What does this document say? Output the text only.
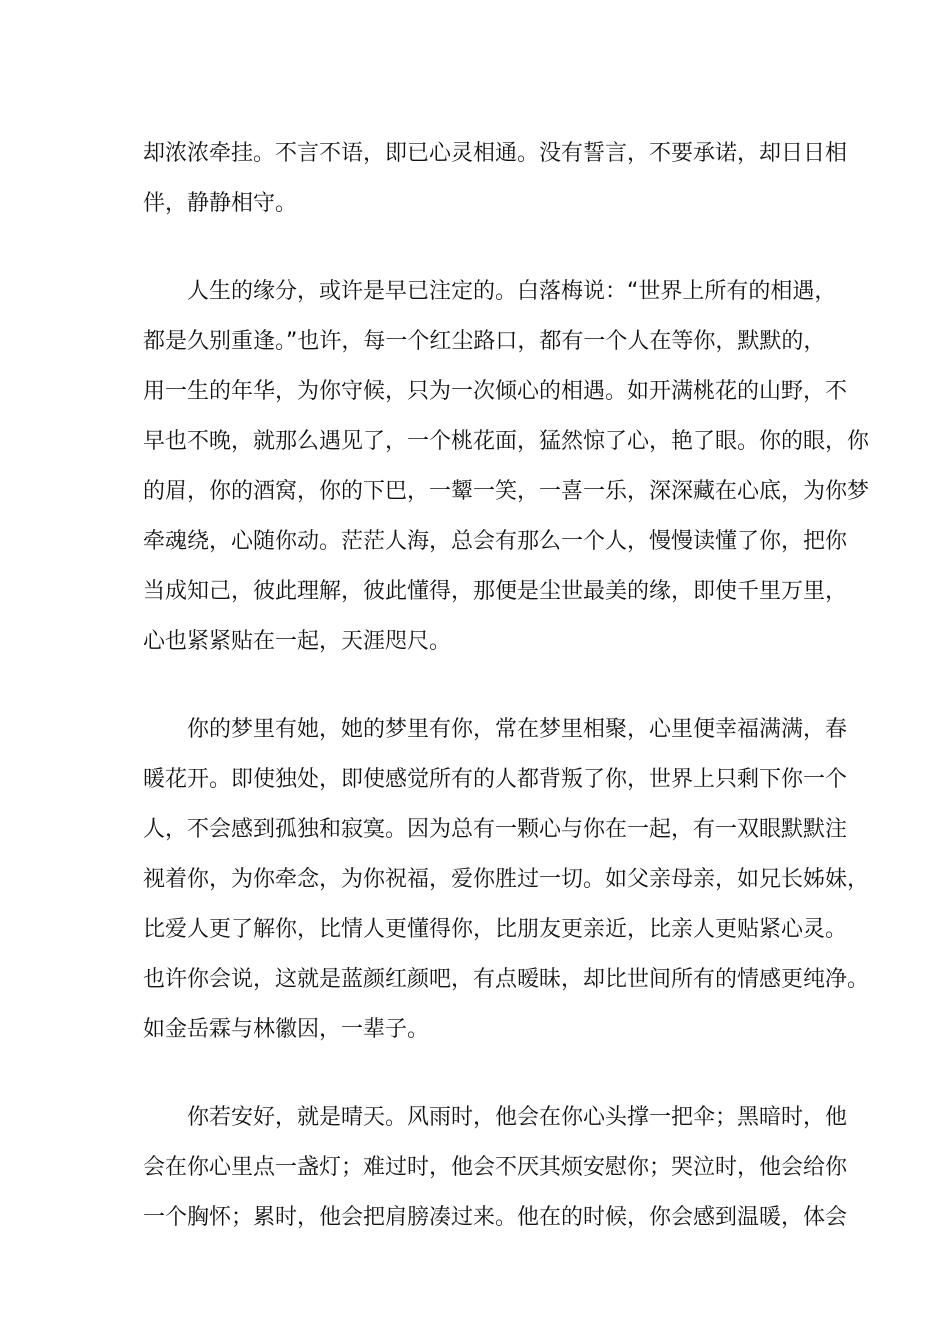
却浓浓牵挂。不言不语，即已心灵相通。没有誓言，不要承诺，却日日相
伴，静静相守。
人生的缘分，或许是早已注定的。白落梅说：“世界上所有的相遇，
都是久别重逢。”也许，每一个红尘路口，都有一个人在等你，默默的，
用一生的年华，为你守候，只为一次倾心的相遇。如开满桃花的山野，不
早也不晚，就那么遇见了，一个桃花面，猛然惊了心，艳了眼。你的眼，你
的眉，你的酒窝，你的下巴，一颦一笑，一喜一乐，深深藏在心底，为你梦
牵魂绕，心随你动。茫茫人海，总会有那么一个人，慢慢读懂了你，把你
当成知己，彼此理解，彼此懂得，那便是尘世最美的缘，即使千里万里，
心也紧紧贴在一起，天涯咫尺。
你的梦里有她，她的梦里有你，常在梦里相聚，心里便幸福满满，春
暖花开。即使独处，即使感觉所有的人都背叛了你，世界上只剩下你一个
人，不会感到孤独和寂寞。因为总有一颗心与你在一起，有一双眼默默注
视着你，为你牵念，为你祝福，爱你胜过一切。如父亲母亲，如兄长姊妹，
比爱人更了解你，比情人更懂得你，比朋友更亲近，比亲人更贴紧心灵。
也许你会说，这就是蓝颜红颜吧，有点暧昧，却比世间所有的情感更纯净。
如金岳霖与林徽因，一辈子。
你若安好，就是晴天。风雨时，他会在你心头撑一把伞；黑暗时，他
会在你心里点一盏灯；难过时，他会不厌其烦安慰你；哭泣时，他会给你
一个胸怀；累时，他会把肩膀凑过来。他在的时候，你会感到温暖，体会
